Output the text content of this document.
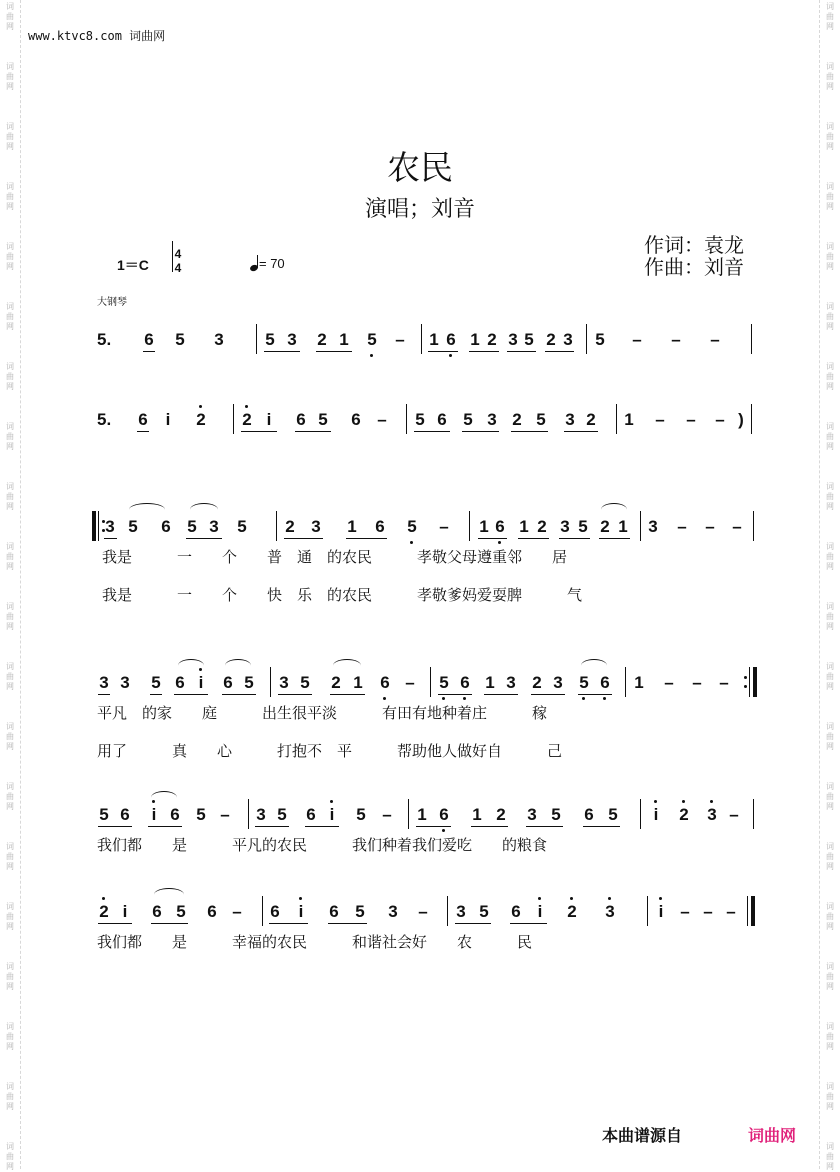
词
曲
网
词
曲
网
词
曲
网
词
曲
网
词
曲
网
词
曲
网
词
曲
网
词
曲
网
词
曲
网
词
曲
网
词
曲
网
词
曲
网
词
曲
网
词
曲
网
词
曲
网
词
曲
网
词
曲
网
词
曲
网
词
曲
网
词
曲
网
词
曲
网
词
曲
网
词
曲
网
词
曲
网
词
曲
网
词
曲
网
词
曲
网
词
曲
网
词
曲
网
词
曲
网
词
曲
网
词
曲
网
词
曲
网
词
曲
网
词
曲
网
词
曲
网
词
曲
网
词
曲
网
词
曲
网
词
曲
网
www.ktvc8.com 词曲网
农民
演唱；刘音
作词：袁龙
作曲：刘音
1＝C
4
4	= 70
大钢琴
5. 6 5 3 5 3 2 1 5 – 1 6 1 2 3 5 2 3 5 – – –
5. 6 i 2 2 i 6 5 6 – 5 6 5 3 2 5 3 2 1 – – – )
3 5 6 5 3 5 2 3 1 6 5 – 1 6 1 2 3 5 2 1 3 – – –
我是　　　一　　个　　普　通　的农民　　　孝敬父母遵重邻　　居
我是　　　一　　个　　快　乐　的农民　　　孝敬爹妈爱耍脾　　　气
3 3 5 6 i 6 5 3 5 2 1 6 – 5 6 1 3 2 3 5 6 1 – – –
平凡　的家　　庭　　　出生很平淡　　　有田有地种着庄　　　稼
用了　　　真　　心　　　打抱不　平　　　帮助他人做好自　　　己
5 6 i 6 5 – 3 5 6 i 5 – 1 6 1 2 3 5 6 5 i 2 3 –
我们都　　是　　　平凡的农民　　　我们种着我们爱吃　　的粮食
2 i 6 5 6 – 6 i 6 5 3 – 3 5 6 i 2 3	i – – –
我们都　　是　　　幸福的农民　　　和谐社会好　　农　　　民
本曲谱源自	词曲网
